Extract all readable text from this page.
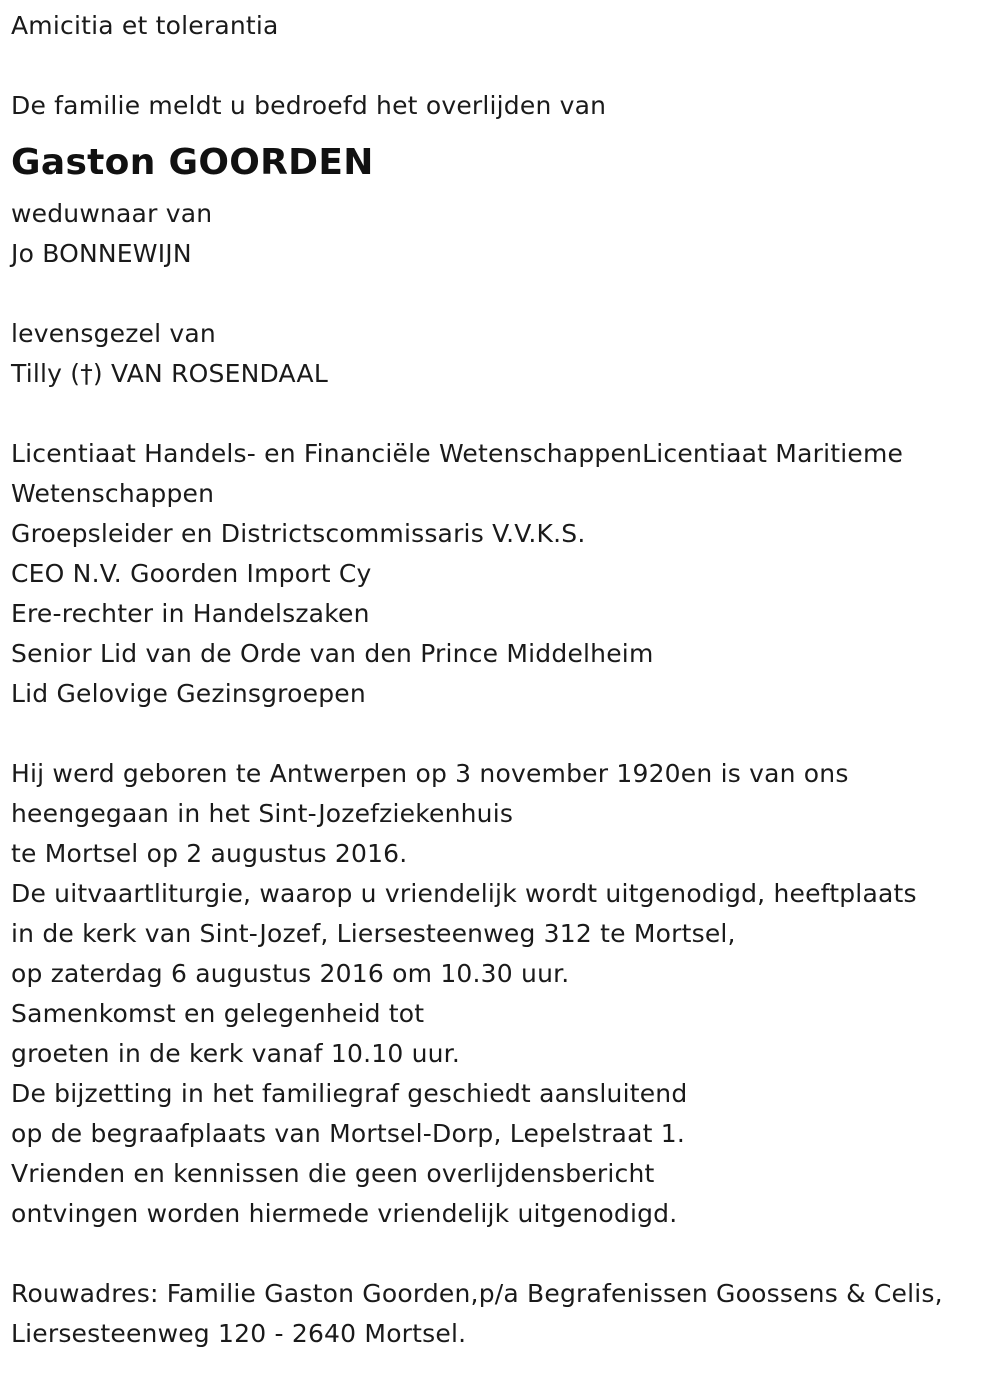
Amicitia et tolerantia
De familie meldt u bedroefd het overlijden van
Gaston GOORDEN
weduwnaar van
Jo BONNEWIJN
levensgezel van
Tilly (†) VAN ROSENDAAL
Licentiaat Handels- en Financiële WetenschappenLicentiaat Maritieme
Wetenschappen
Groepsleider en Districtscommissaris V.V.K.S.
CEO N.V. Goorden Import Cy
Ere-rechter in Handelszaken
Senior Lid van de Orde van den Prince Middelheim
Lid Gelovige Gezinsgroepen
Hij werd geboren te Antwerpen op 3 november 1920en is van ons
heengegaan in het Sint-Jozefziekenhuis
te Mortsel op 2 augustus 2016.
De uitvaartliturgie, waarop u vriendelijk wordt uitgenodigd, heeftplaats
in de kerk van Sint-Jozef, Liersesteenweg 312 te Mortsel,
op zaterdag 6 augustus 2016 om 10.30 uur.
Samenkomst en gelegenheid tot
groeten in de kerk vanaf 10.10 uur.
De bijzetting in het familiegraf geschiedt aansluitend
op de begraafplaats van Mortsel-Dorp, Lepelstraat 1.
Vrienden en kennissen die geen overlijdensbericht
ontvingen worden hiermede vriendelijk uitgenodigd.
Rouwadres: Familie Gaston Goorden,p/a Begrafenissen Goossens & Celis,
Liersesteenweg 120 - 2640 Mortsel.
